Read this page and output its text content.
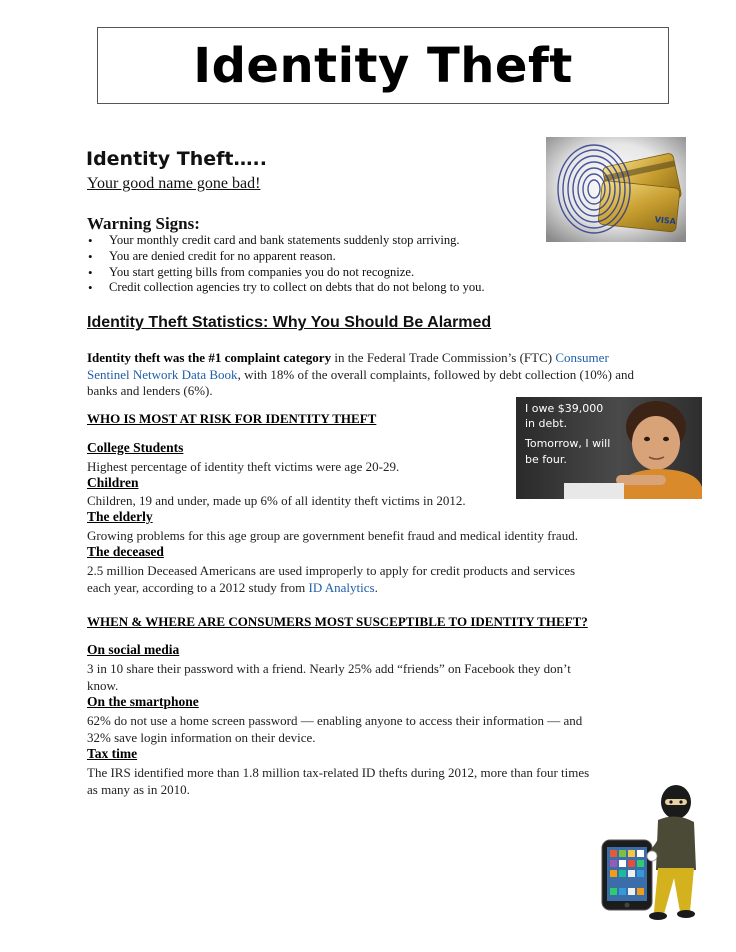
Identity Theft
VISA
Identity Theft…..
Your good name gone bad!
Warning Signs:
• Your monthly credit card and bank statements suddenly stop arriving.
• You are denied credit for no apparent reason.
• You start getting bills from companies you do not recognize.
• Credit collection agencies try to collect on debts that do not belong to you.
Identity Theft Statistics: Why You Should Be Alarmed
Identity theft was the #1 complaint category in the Federal Trade Commission’s (FTC) Consumer Sentinel Network Data Book, with 18% of the overall complaints, followed by debt collection (10%) and banks and lenders (6%).
I owe $39,000
in debt.
Tomorrow, I will
be four.
WHO IS MOST AT RISK FOR IDENTITY THEFT
College Students
Highest percentage of identity theft victims were age 20-29.
Children
Children, 19 and under, made up 6% of all identity theft victims in 2012.
The elderly
Growing problems for this age group are government benefit fraud and medical identity fraud.
The deceased
2.5 million Deceased Americans are used improperly to apply for credit products and services
each year, according to a 2012 study from ID Analytics.
WHEN & WHERE ARE CONSUMERS MOST SUSCEPTIBLE TO IDENTITY THEFT?
On social media
3 in 10 share their password with a friend. Nearly 25% add “friends” on Facebook they don’t
know.
On the smartphone
62% do not use a home screen password — enabling anyone to access their information — and
32% save login information on their device.
Tax time
The IRS identified more than 1.8 million tax-related ID thefts during 2012, more than four times
as many as in 2010.
